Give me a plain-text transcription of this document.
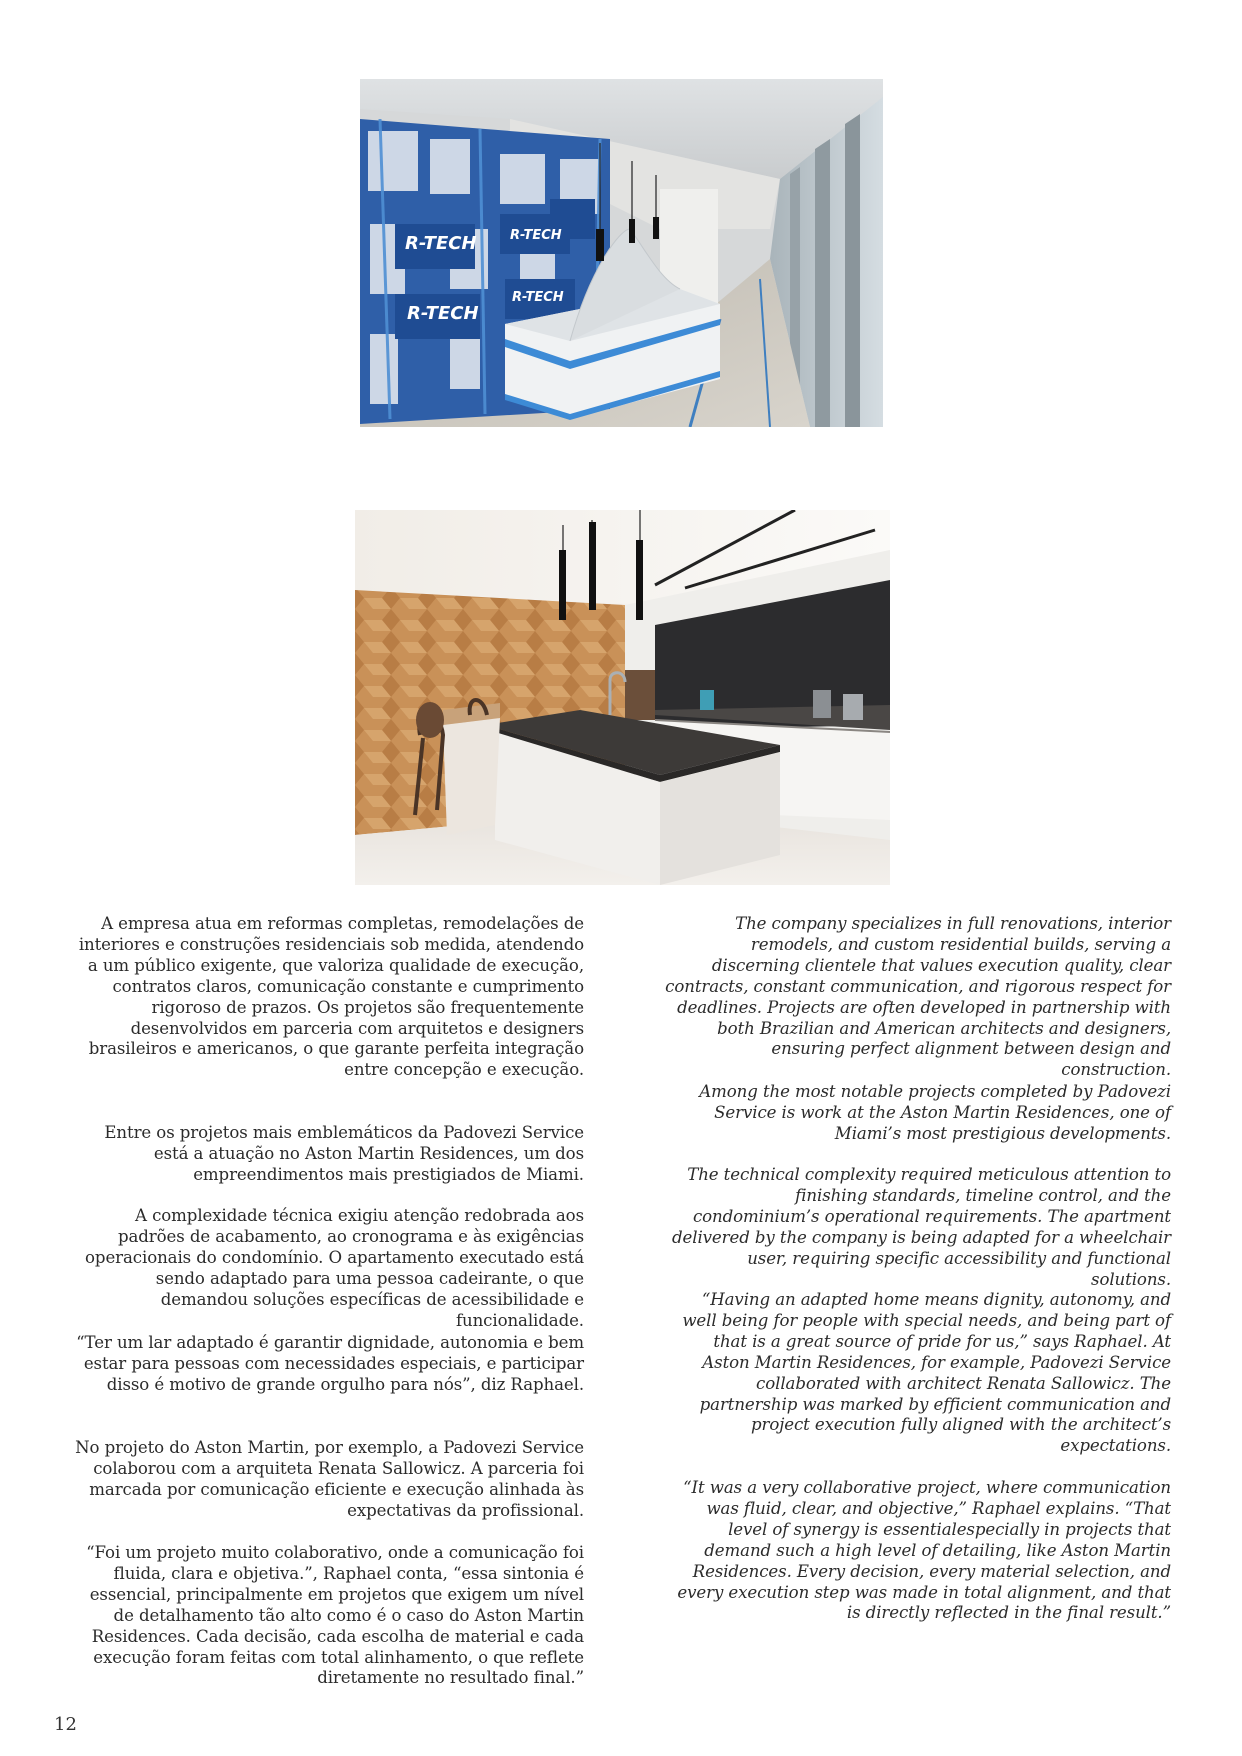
R-TECH
R-TECH
R-TECH
R-TECH

A empresa atua em reformas completas, remodelações de interiores e construções residenciais sob medida, atendendo a um público exigente, que valoriza qualidade de execução, contratos claros, comunicação constante e cumprimento rigoroso de prazos. Os projetos são frequentemente desenvolvidos em parceria com arquitetos e designers brasileiros e americanos, o que garante perfeita integração entre concepção e execução.

Entre os projetos mais emblemáticos da Padovezi Service está a atuação no Aston Martin Residences, um dos empreendimentos mais prestigiados de Miami.

A complexidade técnica exigiu atenção redobrada aos padrões de acabamento, ao cronograma e às exigências operacionais do condomínio. O apartamento executado está sendo adaptado para uma pessoa cadeirante, o que demandou soluções específicas de acessibilidade e funcionalidade.

“Ter um lar adaptado é garantir dignidade, autonomia e bem estar para pessoas com necessidades especiais, e participar disso é motivo de grande orgulho para nós”, diz Raphael.

No projeto do Aston Martin, por exemplo, a Padovezi Service colaborou com a arquiteta Renata Sallowicz. A parceria foi marcada por comunicação eficiente e execução alinhada às expectativas da profissional.

“Foi um projeto muito colaborativo, onde a comunicação foi fluida, clara e objetiva.”, Raphael conta, “essa sintonia é essencial, principalmente em projetos que exigem um nível de detalhamento tão alto como é o caso do Aston Martin Residences. Cada decisão, cada escolha de material e cada execução foram feitas com total alinhamento, o que reflete diretamente no resultado final.”

The company specializes in full renovations, interior remodels, and custom residential builds, serving a discerning clientele that values execution quality, clear contracts, constant communication, and rigorous respect for deadlines. Projects are often developed in partnership with both Brazilian and American architects and designers, ensuring perfect alignment between design and construction.

Among the most notable projects completed by Padovezi Service is work at the Aston Martin Residences, one of Miami’s most prestigious developments.

The technical complexity required meticulous attention to finishing standards, timeline control, and the condominium’s operational requirements. The apartment delivered by the company is being adapted for a wheelchair user, requiring specific accessibility and functional solutions.

“Having an adapted home means dignity, autonomy, and well being for people with special needs, and being part of that is a great source of pride for us,” says Raphael. At Aston Martin Residences, for example, Padovezi Service collaborated with architect Renata Sallowicz. The partnership was marked by efficient communication and project execution fully aligned with the architect’s expectations.

“It was a very collaborative project, where communication was fluid, clear, and objective,” Raphael explains. “That level of synergy is essentialespecially in projects that demand such a high level of detailing, like Aston Martin Residences. Every decision, every material selection, and every execution step was made in total alignment, and that is directly reflected in the final result.”

12
